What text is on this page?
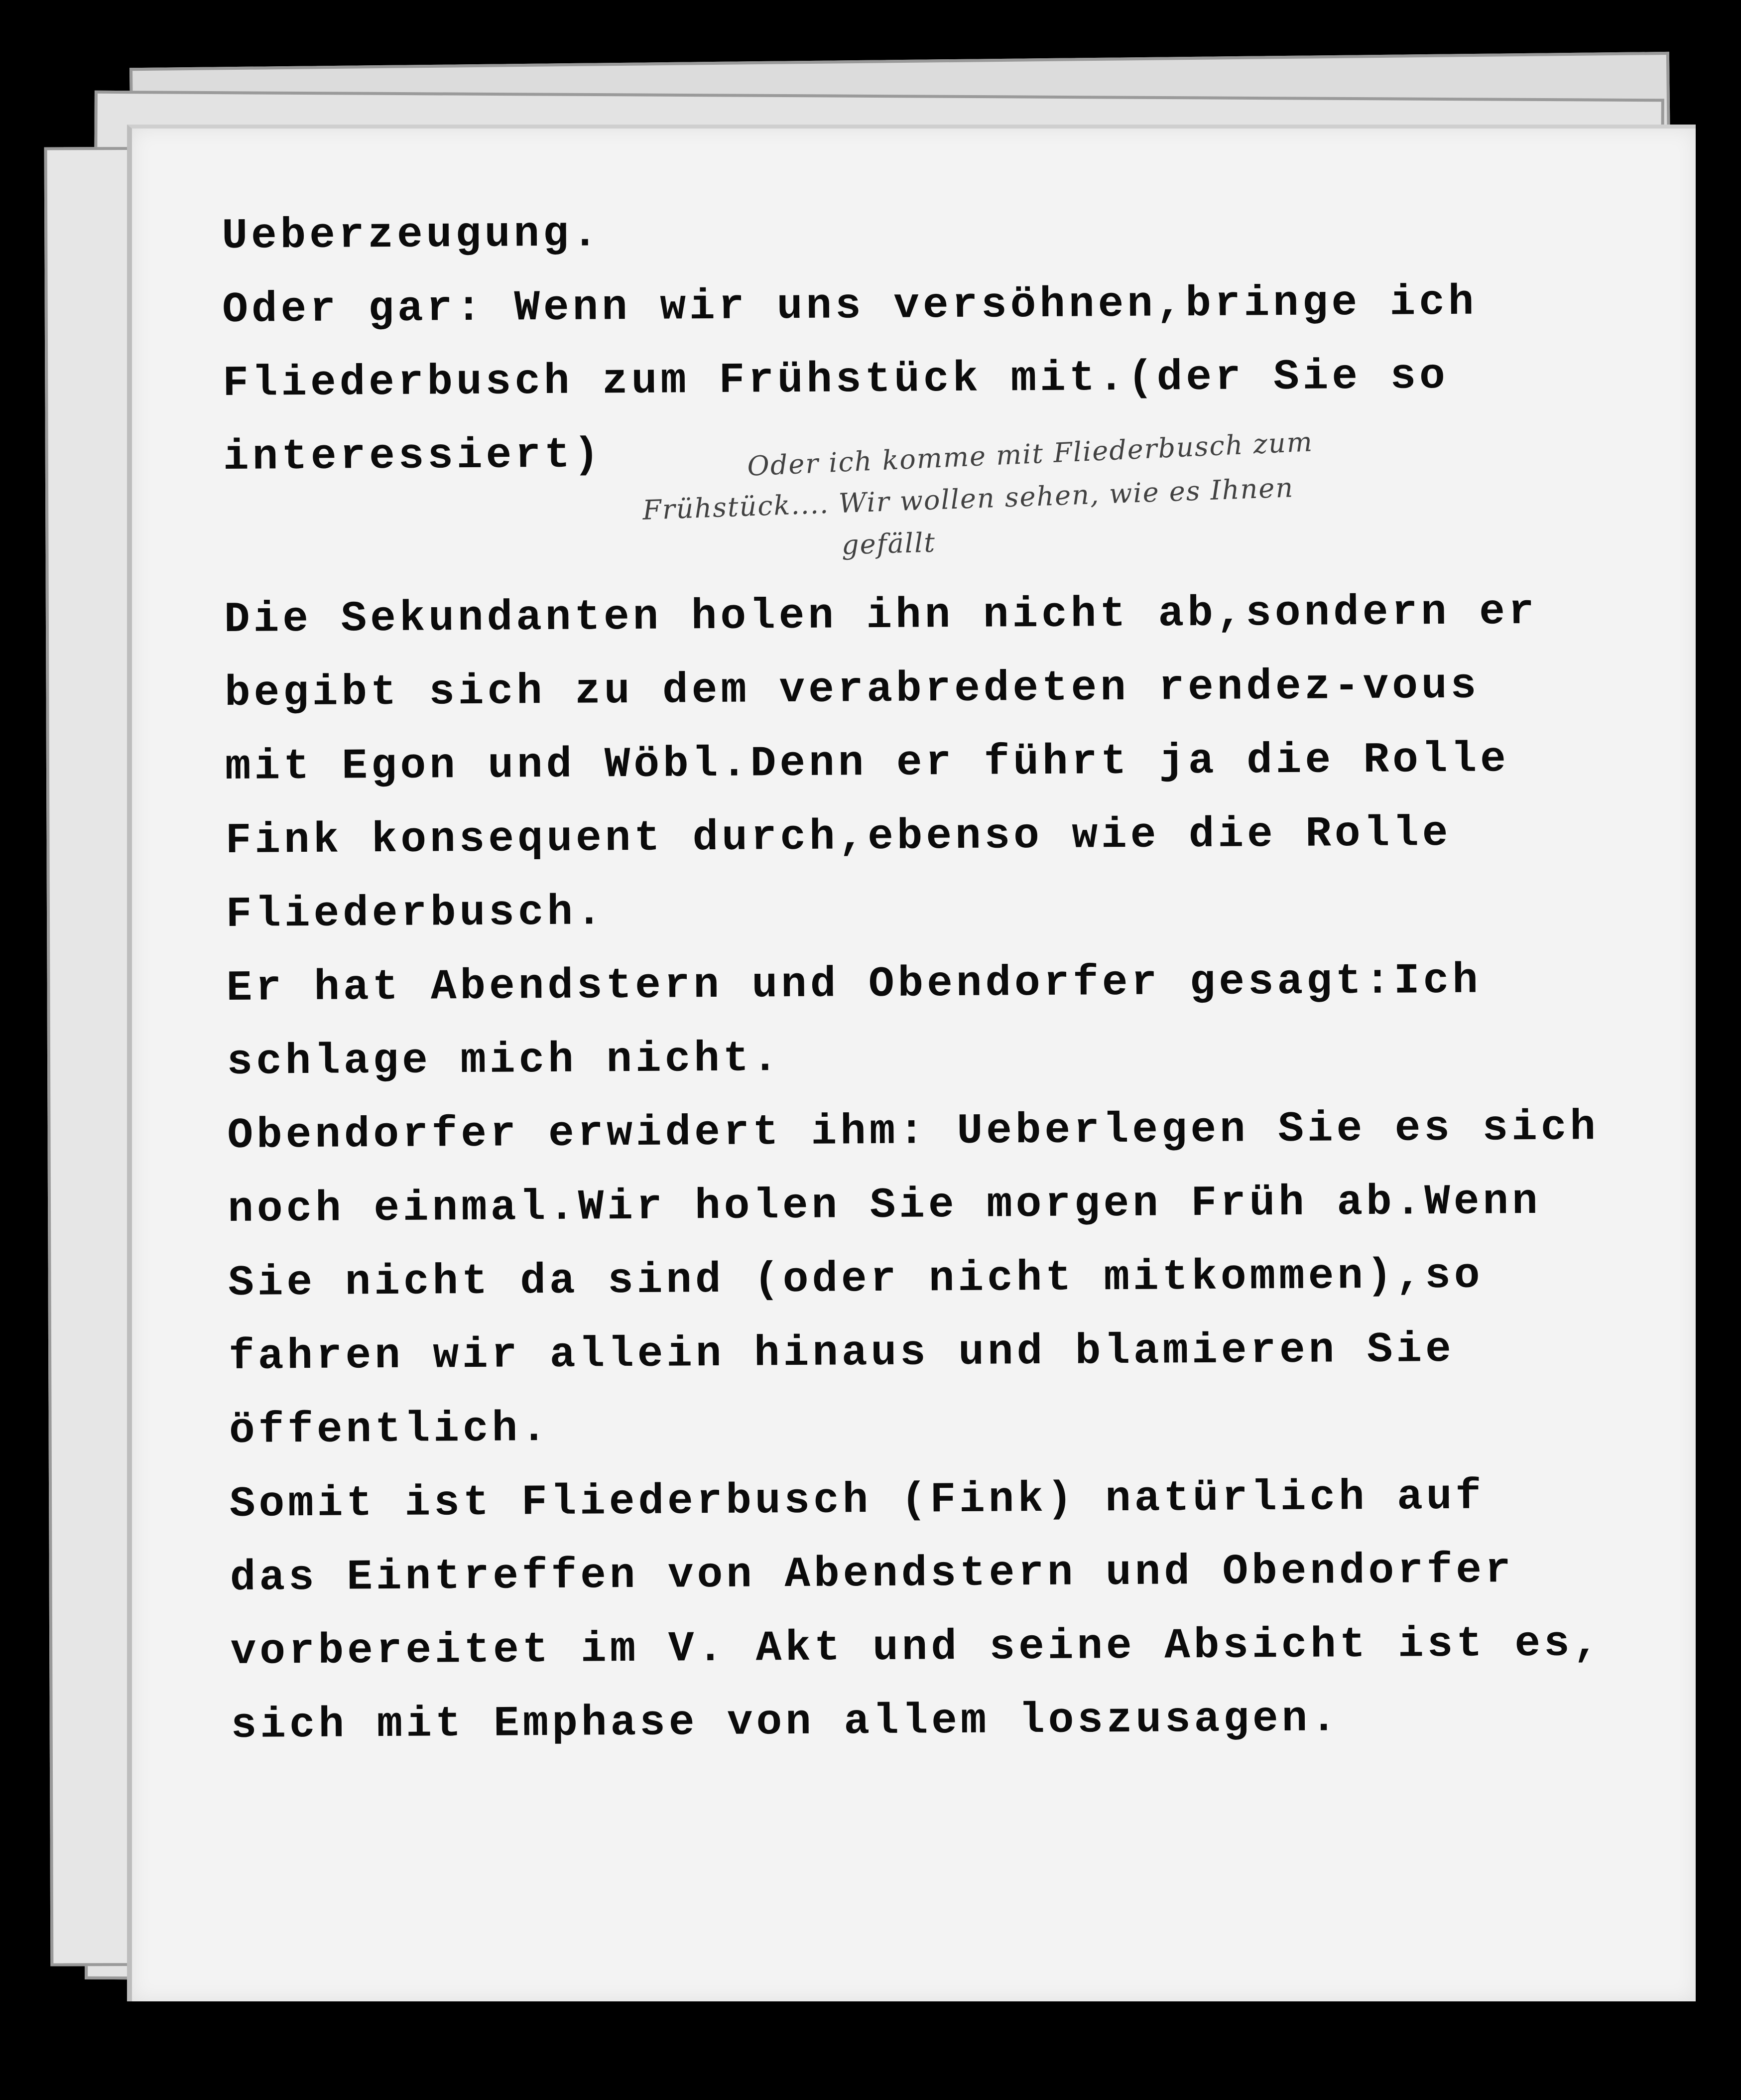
Ueberzeugung.
Oder gar: Wenn wir uns versöhnen,bringe ich
Fliederbusch zum Frühstück mit.(der Sie so
interessiert)
Die Sekundanten holen ihn nicht ab,sondern er
begibt sich zu dem verabredeten rendez-vous
mit Egon und Wöbl.Denn er führt ja die Rolle
Fink konsequent durch,ebenso wie die Rolle
Fliederbusch.
Er hat Abendstern und Obendorfer gesagt:Ich
schlage mich nicht.
Obendorfer erwidert ihm: Ueberlegen Sie es sich
noch einmal.Wir holen Sie morgen Früh ab.Wenn
Sie nicht da sind (oder nicht mitkommen),so
fahren wir allein hinaus und blamieren Sie
öffentlich.
Somit ist Fliederbusch (Fink) natürlich auf
das Eintreffen von Abendstern und Obendorfer
vorbereitet im V. Akt und seine Absicht ist es,
sich mit Emphase von allem loszusagen.
Oder ich komme mit Fliederbusch zum
Frühstück.... Wir wollen sehen, wie es Ihnen
gefällt
